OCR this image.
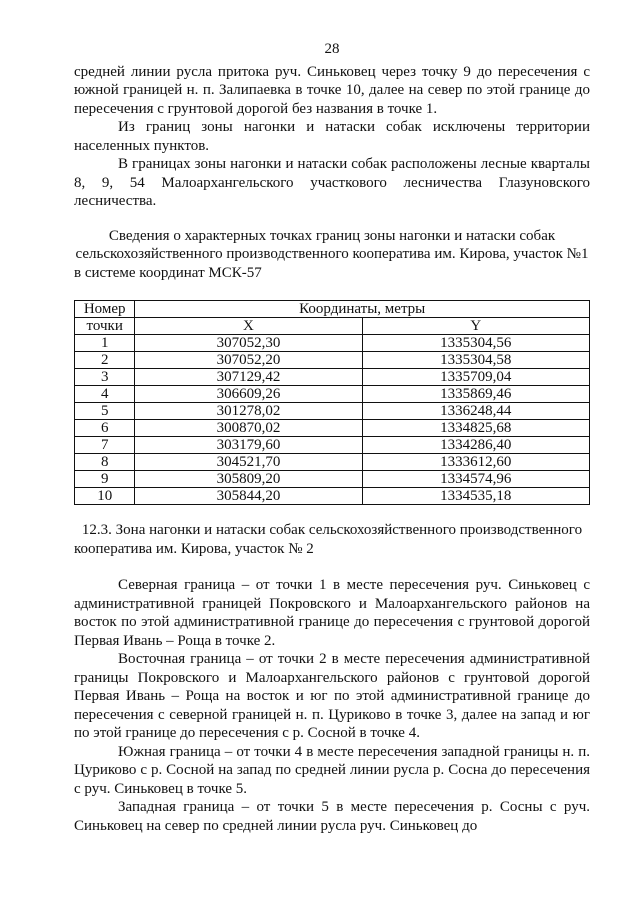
28

средней линии русла притока руч. Синьковец через точку 9 до пересечения с южной границей н. п. Залипаевка в точке 10, далее на север по этой границе до пересечения с грунтовой дорогой без названия в точке 1.

Из границ зоны нагонки и натаски собак исключены территории населенных пунктов.

В границах зоны нагонки и натаски собак расположены лесные кварталы 8, 9, 54 Малоархангельского участкового лесничества Глазуновского лесничества.

Сведения о характерных точках границ зоны нагонки и натаски собак сельскохозяйственного производственного кооператива им. Кирова, участок №1 в системе координат МСК-57

Номер	Координаты, метры	
точки	X	Y
1	307052,30	1335304,56
2	307052,20	1335304,58
3	307129,42	1335709,04
4	306609,26	1335869,46
5	301278,02	1336248,44
6	300870,02	1334825,68
7	303179,60	1334286,40
8	304521,70	1333612,60
9	305809,20	1334574,96
10	305844,20	1334535,18

12.3. Зона нагонки и натаски собак сельскохозяйственного производственного кооператива им. Кирова, участок № 2

Северная граница – от точки 1 в месте пересечения руч. Синьковец с административной границей Покровского и Малоархангельского районов на восток по этой административной границе до пересечения с грунтовой дорогой Первая Ивань – Роща в точке 2.

Восточная граница – от точки 2 в месте пересечения административной границы Покровского и Малоархангельского районов с грунтовой дорогой Первая Ивань – Роща на восток и юг по этой административной границе до пересечения с северной границей н. п. Цуриково в точке 3, далее на запад и юг по этой границе до пересечения с р. Сосной в точке 4.

Южная граница – от точки 4 в месте пересечения западной границы н. п. Цуриково с р. Сосной на запад по средней линии русла р. Сосна до пересечения с руч. Синьковец в точке 5.

Западная граница – от точки 5 в месте пересечения р. Сосны с руч. Синьковец на север по средней линии русла руч. Синьковец до
